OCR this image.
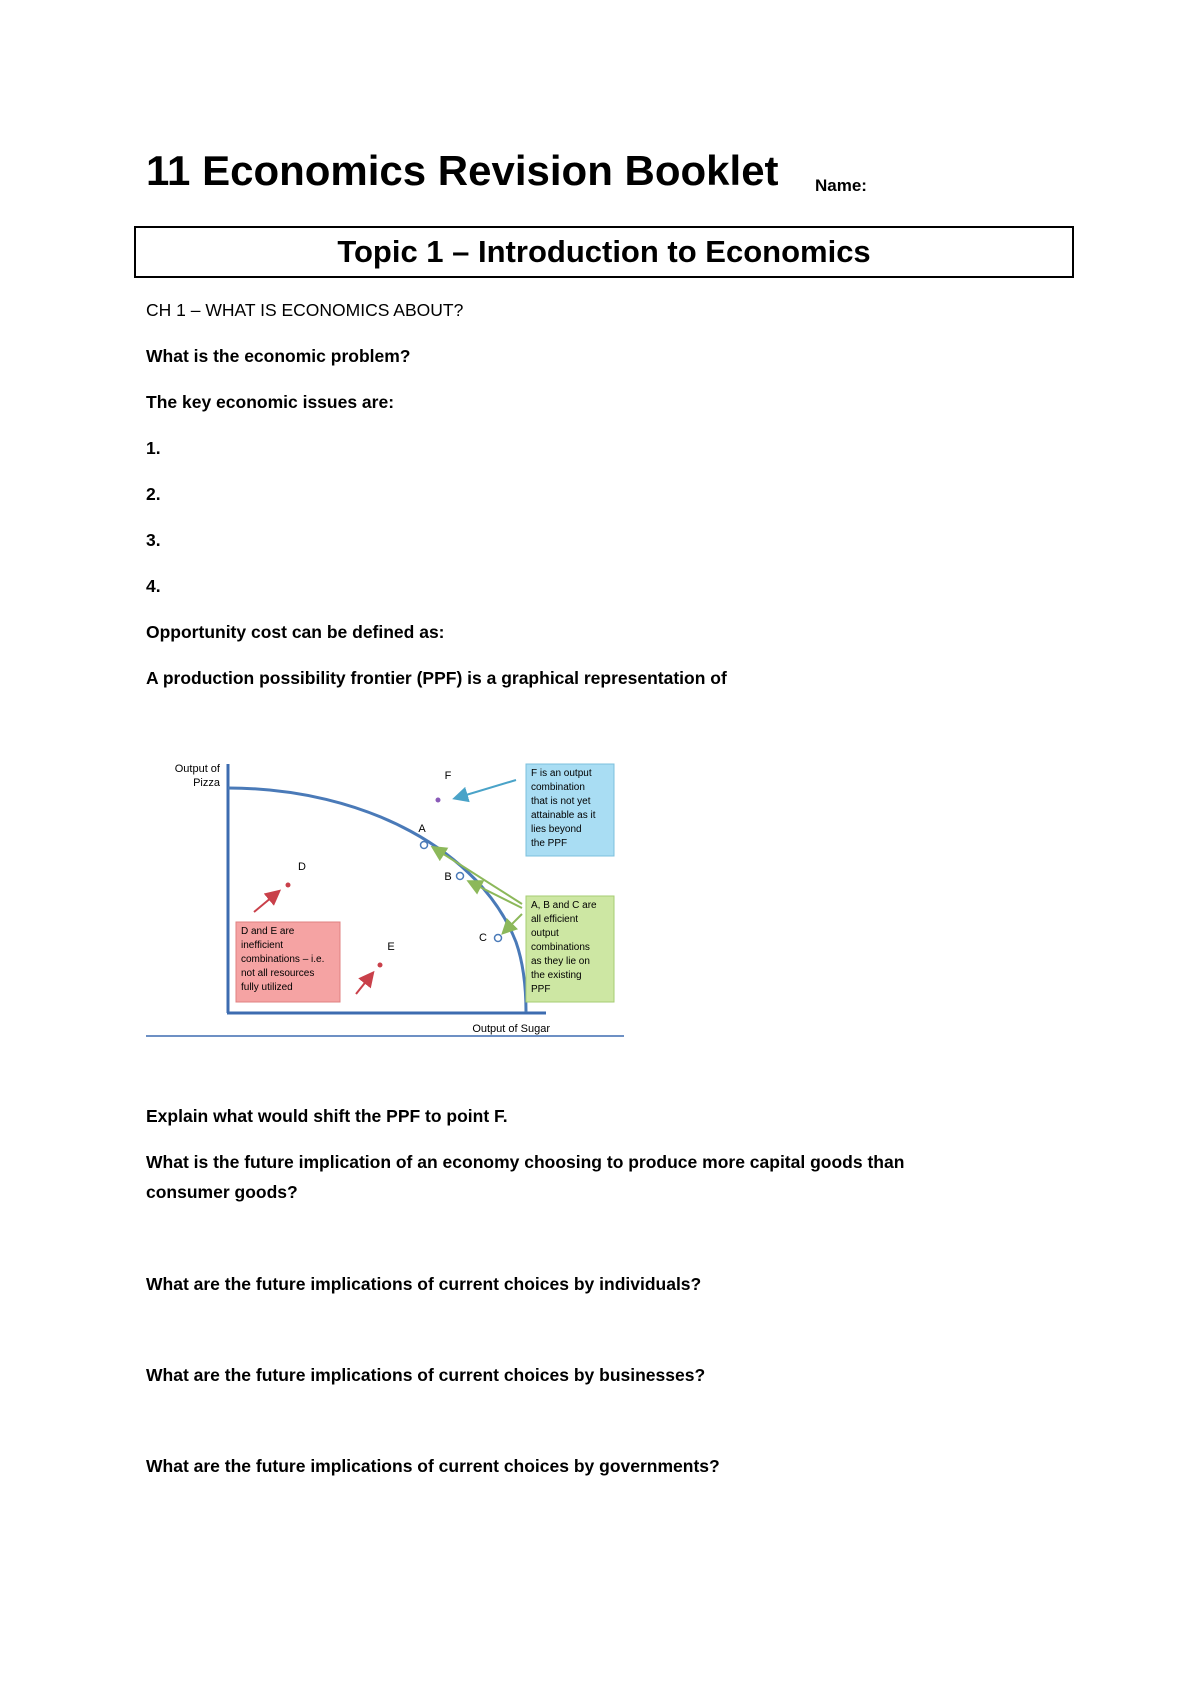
11 Economics Revision Booklet Name:
Topic 1 – Introduction to Economics
CH 1 – WHAT IS ECONOMICS ABOUT?
What is the economic problem?
The key economic issues are:
1.
2.
3.
4.
Opportunity cost can be defined as:
A production possibility frontier (PPF) is a graphical representation of
Output of
Pizza
Output of Sugar
A
B
C
D
E
F	F is an output combination that is not yet attainable as it lies beyond the PPF
A, B and C are all efficient output combinations as they lie on the existing PPF
D and E are inefficient combinations – i.e. not all resources fully utilized
Explain what would shift the PPF to point F.
What is the future implication of an economy choosing to produce more capital goods than
consumer goods?
What are the future implications of current choices by individuals?
What are the future implications of current choices by businesses?
What are the future implications of current choices by governments?
